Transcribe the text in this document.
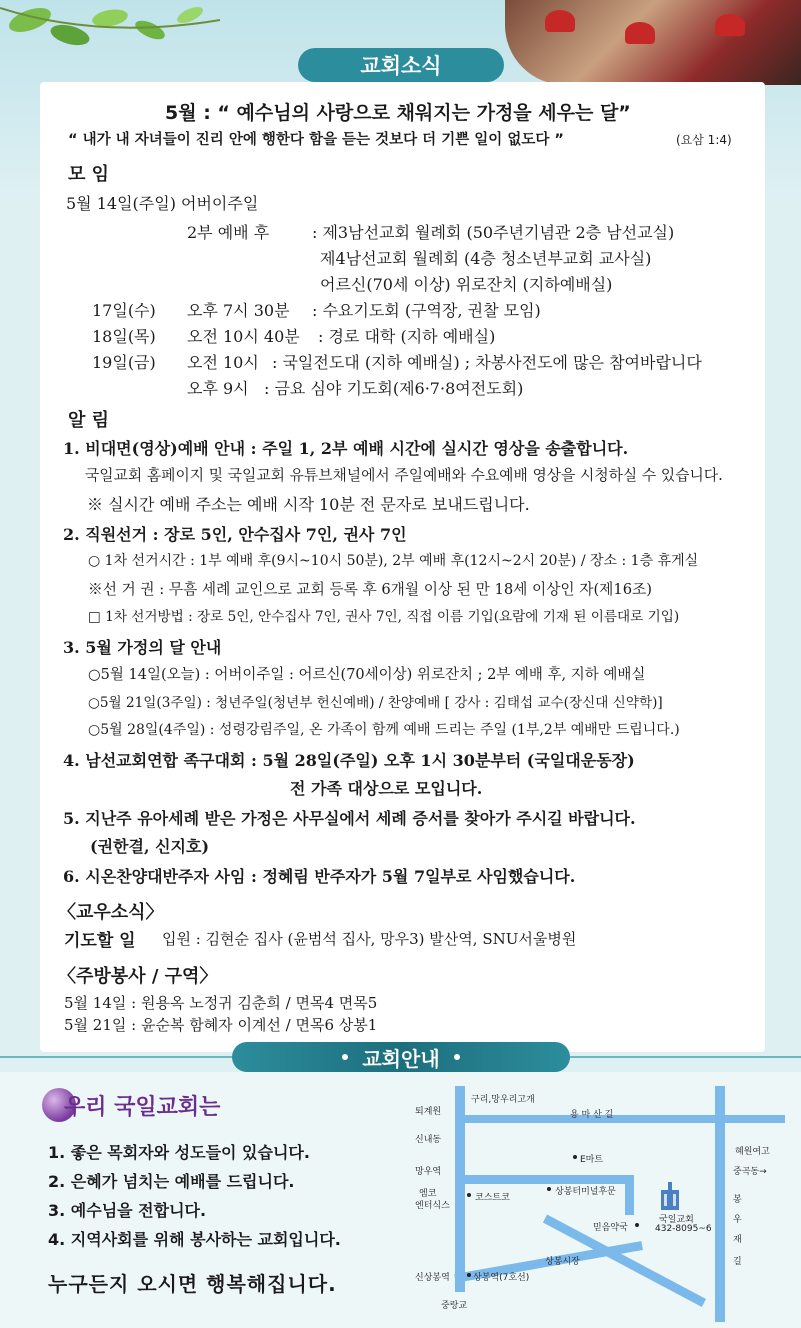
교회소식
5월 : “ 예수님의 사랑으로 채워지는 가정을 세우는 달”
“ 내가 내 자녀들이 진리 안에 행한다 함을 듣는 것보다 더 기쁜 일이 없도다 ”	(요삼 1:4)
모 임
5월 14일(주일) 어버이주일
2부 예배 후	: 제3남선교회 월례회 (50주년기념관 2층 남선교실)
제4남선교회 월례회 (4층 청소년부교회 교사실)
어르신(70세 이상) 위로잔치 (지하예배실)
17일(수) 오후 7시 30분 : 수요기도회 (구역장, 권찰 모임)
18일(목) 오전 10시 40분 : 경로 대학 (지하 예배실)
19일(금) 오전 10시 : 국일전도대 (지하 예배실) ; 차봉사전도에 많은 참여바랍니다
오후 9시 : 금요 심야 기도회(제6·7·8여전도회)
알 림
1. 비대면(영상)예배 안내 : 주일 1, 2부 예배 시간에 실시간 영상을 송출합니다.
국일교회 홈페이지 및 국일교회 유튜브채널에서 주일예배와 수요예배 영상을 시청하실 수 있습니다.
※ 실시간 예배 주소는 예배 시작 10분 전 문자로 보내드립니다.
2. 직원선거 : 장로 5인, 안수집사 7인, 권사 7인
○ 1차 선거시간 : 1부 예배 후(9시~10시 50분), 2부 예배 후(12시~2시 20분) / 장소 : 1층 휴게실
※선 거 권 : 무흠 세례 교인으로 교회 등록 후 6개월 이상 된 만 18세 이상인 자(제16조)
□ 1차 선거방법 : 장로 5인, 안수집사 7인, 권사 7인, 직접 이름 기입(요람에 기재 된 이름대로 기입)
3. 5월 가정의 달 안내
○5월 14일(오늘) : 어버이주일 : 어르신(70세이상) 위로잔치 ; 2부 예배 후, 지하 예배실
○5월 21일(3주일) : 청년주일(청년부 헌신예배) / 찬양예배 [ 강사 : 김태섭 교수(장신대 신약학)]
○5월 28일(4주일) : 성령강림주일, 온 가족이 함께 예배 드리는 주일 (1부,2부 예배만 드립니다.)
4. 남선교회연합 족구대회 : 5월 28일(주일) 오후 1시 30분부터 (국일대운동장)
전 가족 대상으로 모입니다.
5. 지난주 유아세례 받은 가정은 사무실에서 세례 증서를 찾아가 주시길 바랍니다.
(권한결, 신지호)
6. 시온찬양대반주자 사임 : 정혜림 반주자가 5월 7일부로 사임했습니다.
〈교우소식〉
기도할 일 입원 : 김현순 집사 (윤범석 집사, 망우3) 발산역, SNU서울병원
〈주방봉사 / 구역〉
5월 14일 : 원용옥 노정귀 김춘희 / 면목4 면목5
5월 21일 : 윤순복 함혜자 이계선 / 면목6 상봉1
교회안내
우리 국일교회는
1. 좋은 목회자와 성도들이 있습니다.
2. 은혜가 넘치는 예배를 드립니다.
3. 예수님을 전합니다.
4. 지역사회를 위해 봉사하는 교회입니다.
누구든지 오시면 행복해집니다.
구리,망우리고개
퇴계원	용 마 산 길
신내동
E마트
혜원여고
망우역	중곡동→
엠코
엔터식스
코스트코
상봉터미널후문
믿음약국
국일교회
432-8095~6
봉
우
재
길
상봉시장
신상봉역	상봉역(7호선)
중랑교
